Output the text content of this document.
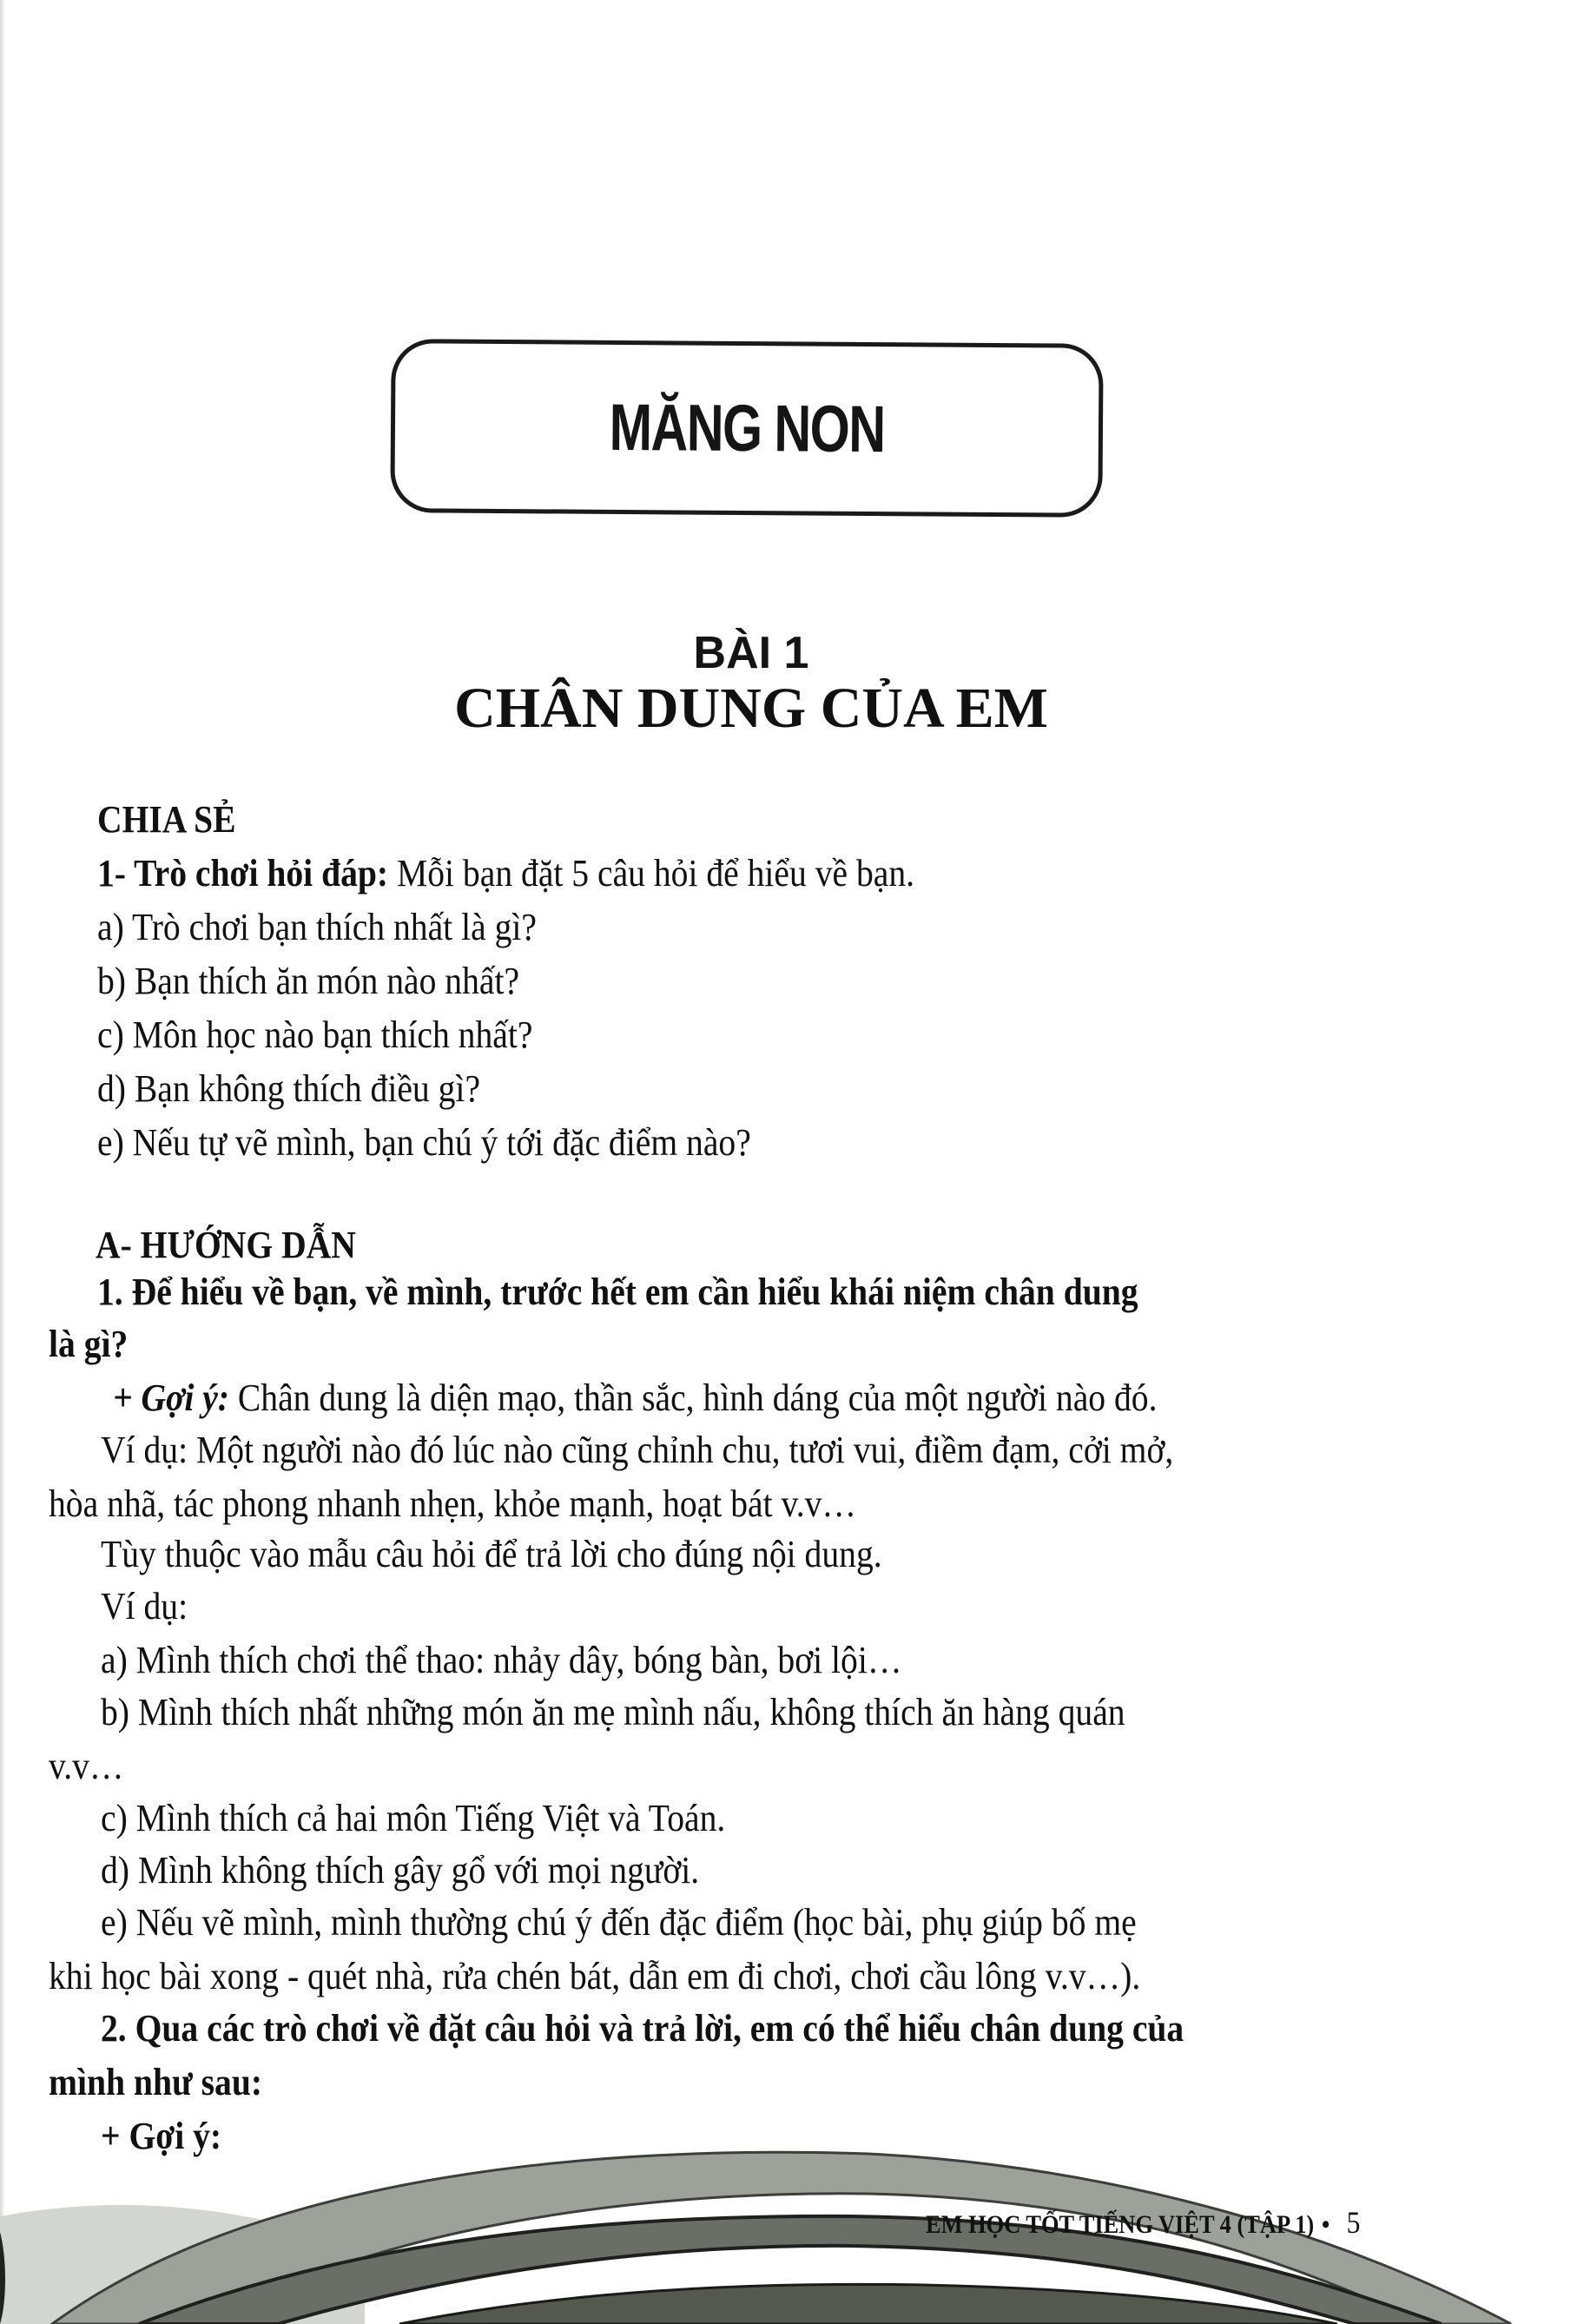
MĂNG NON
BÀI 1
CHÂN DUNG CỦA EM
CHIA SẺ
1- Trò chơi hỏi đáp: Mỗi bạn đặt 5 câu hỏi để hiểu về bạn.
a) Trò chơi bạn thích nhất là gì?
b) Bạn thích ăn món nào nhất?
c) Môn học nào bạn thích nhất?
d) Bạn không thích điều gì?
e) Nếu tự vẽ mình, bạn chú ý tới đặc điểm nào?
A- HƯỚNG DẪN
1. Để hiểu về bạn, về mình, trước hết em cần hiểu khái niệm chân dung
là gì?
+ Gợi ý: Chân dung là diện mạo, thần sắc, hình dáng của một người nào đó.
Ví dụ: Một người nào đó lúc nào cũng chỉnh chu, tươi vui, điềm đạm, cởi mở,
hòa nhã, tác phong nhanh nhẹn, khỏe mạnh, hoạt bát v.v…
Tùy thuộc vào mẫu câu hỏi để trả lời cho đúng nội dung.
Ví dụ:
a) Mình thích chơi thể thao: nhảy dây, bóng bàn, bơi lội…
b) Mình thích nhất những món ăn mẹ mình nấu, không thích ăn hàng quán
v.v…
c) Mình thích cả hai môn Tiếng Việt và Toán.
d) Mình không thích gây gổ với mọi người.
e) Nếu vẽ mình, mình thường chú ý đến đặc điểm (học bài, phụ giúp bố mẹ
khi học bài xong - quét nhà, rửa chén bát, dẫn em đi chơi, chơi cầu lông v.v…).
2. Qua các trò chơi về đặt câu hỏi và trả lời, em có thể hiểu chân dung của
mình như sau:
+ Gợi ý:
EM HỌC TỐT TIẾNG VIỆT 4 (TẬP 1) • 5
